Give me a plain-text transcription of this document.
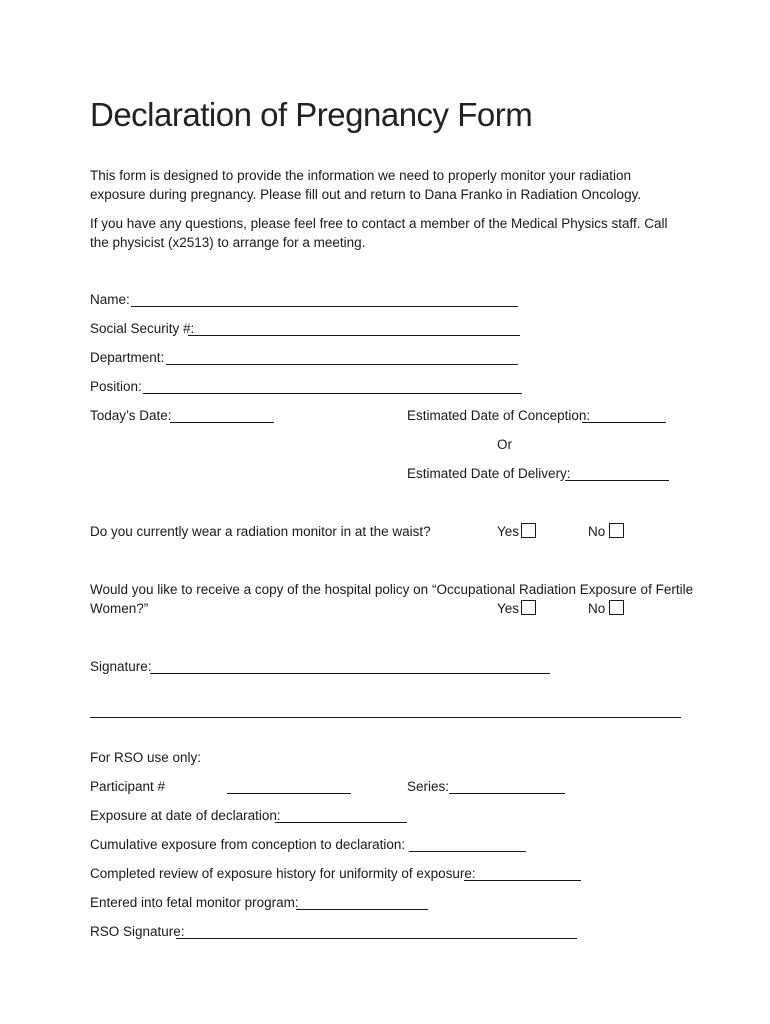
Declaration of Pregnancy Form
This form is designed to provide the information we need to properly monitor your radiation exposure during pregnancy. Please fill out and return to Dana Franko in Radiation Oncology.
If you have any questions, please feel free to contact a member of the Medical Physics staff. Call the physicist (x2513) to arrange for a meeting.
Name:
Social Security #:
Department:
Position:
Today’s Date:	Estimated Date of Conception:
Or
Estimated Date of Delivery:
Do you currently wear a radiation monitor in at the waist?	Yes	No
Would you like to receive a copy of the hospital policy on “Occupational Radiation Exposure of Fertile
Women?”	Yes	No
Signature:
For RSO use only:
Participant #	Series:
Exposure at date of declaration:
Cumulative exposure from conception to declaration:
Completed review of exposure history for uniformity of exposure:
Entered into fetal monitor program:
RSO Signature:
